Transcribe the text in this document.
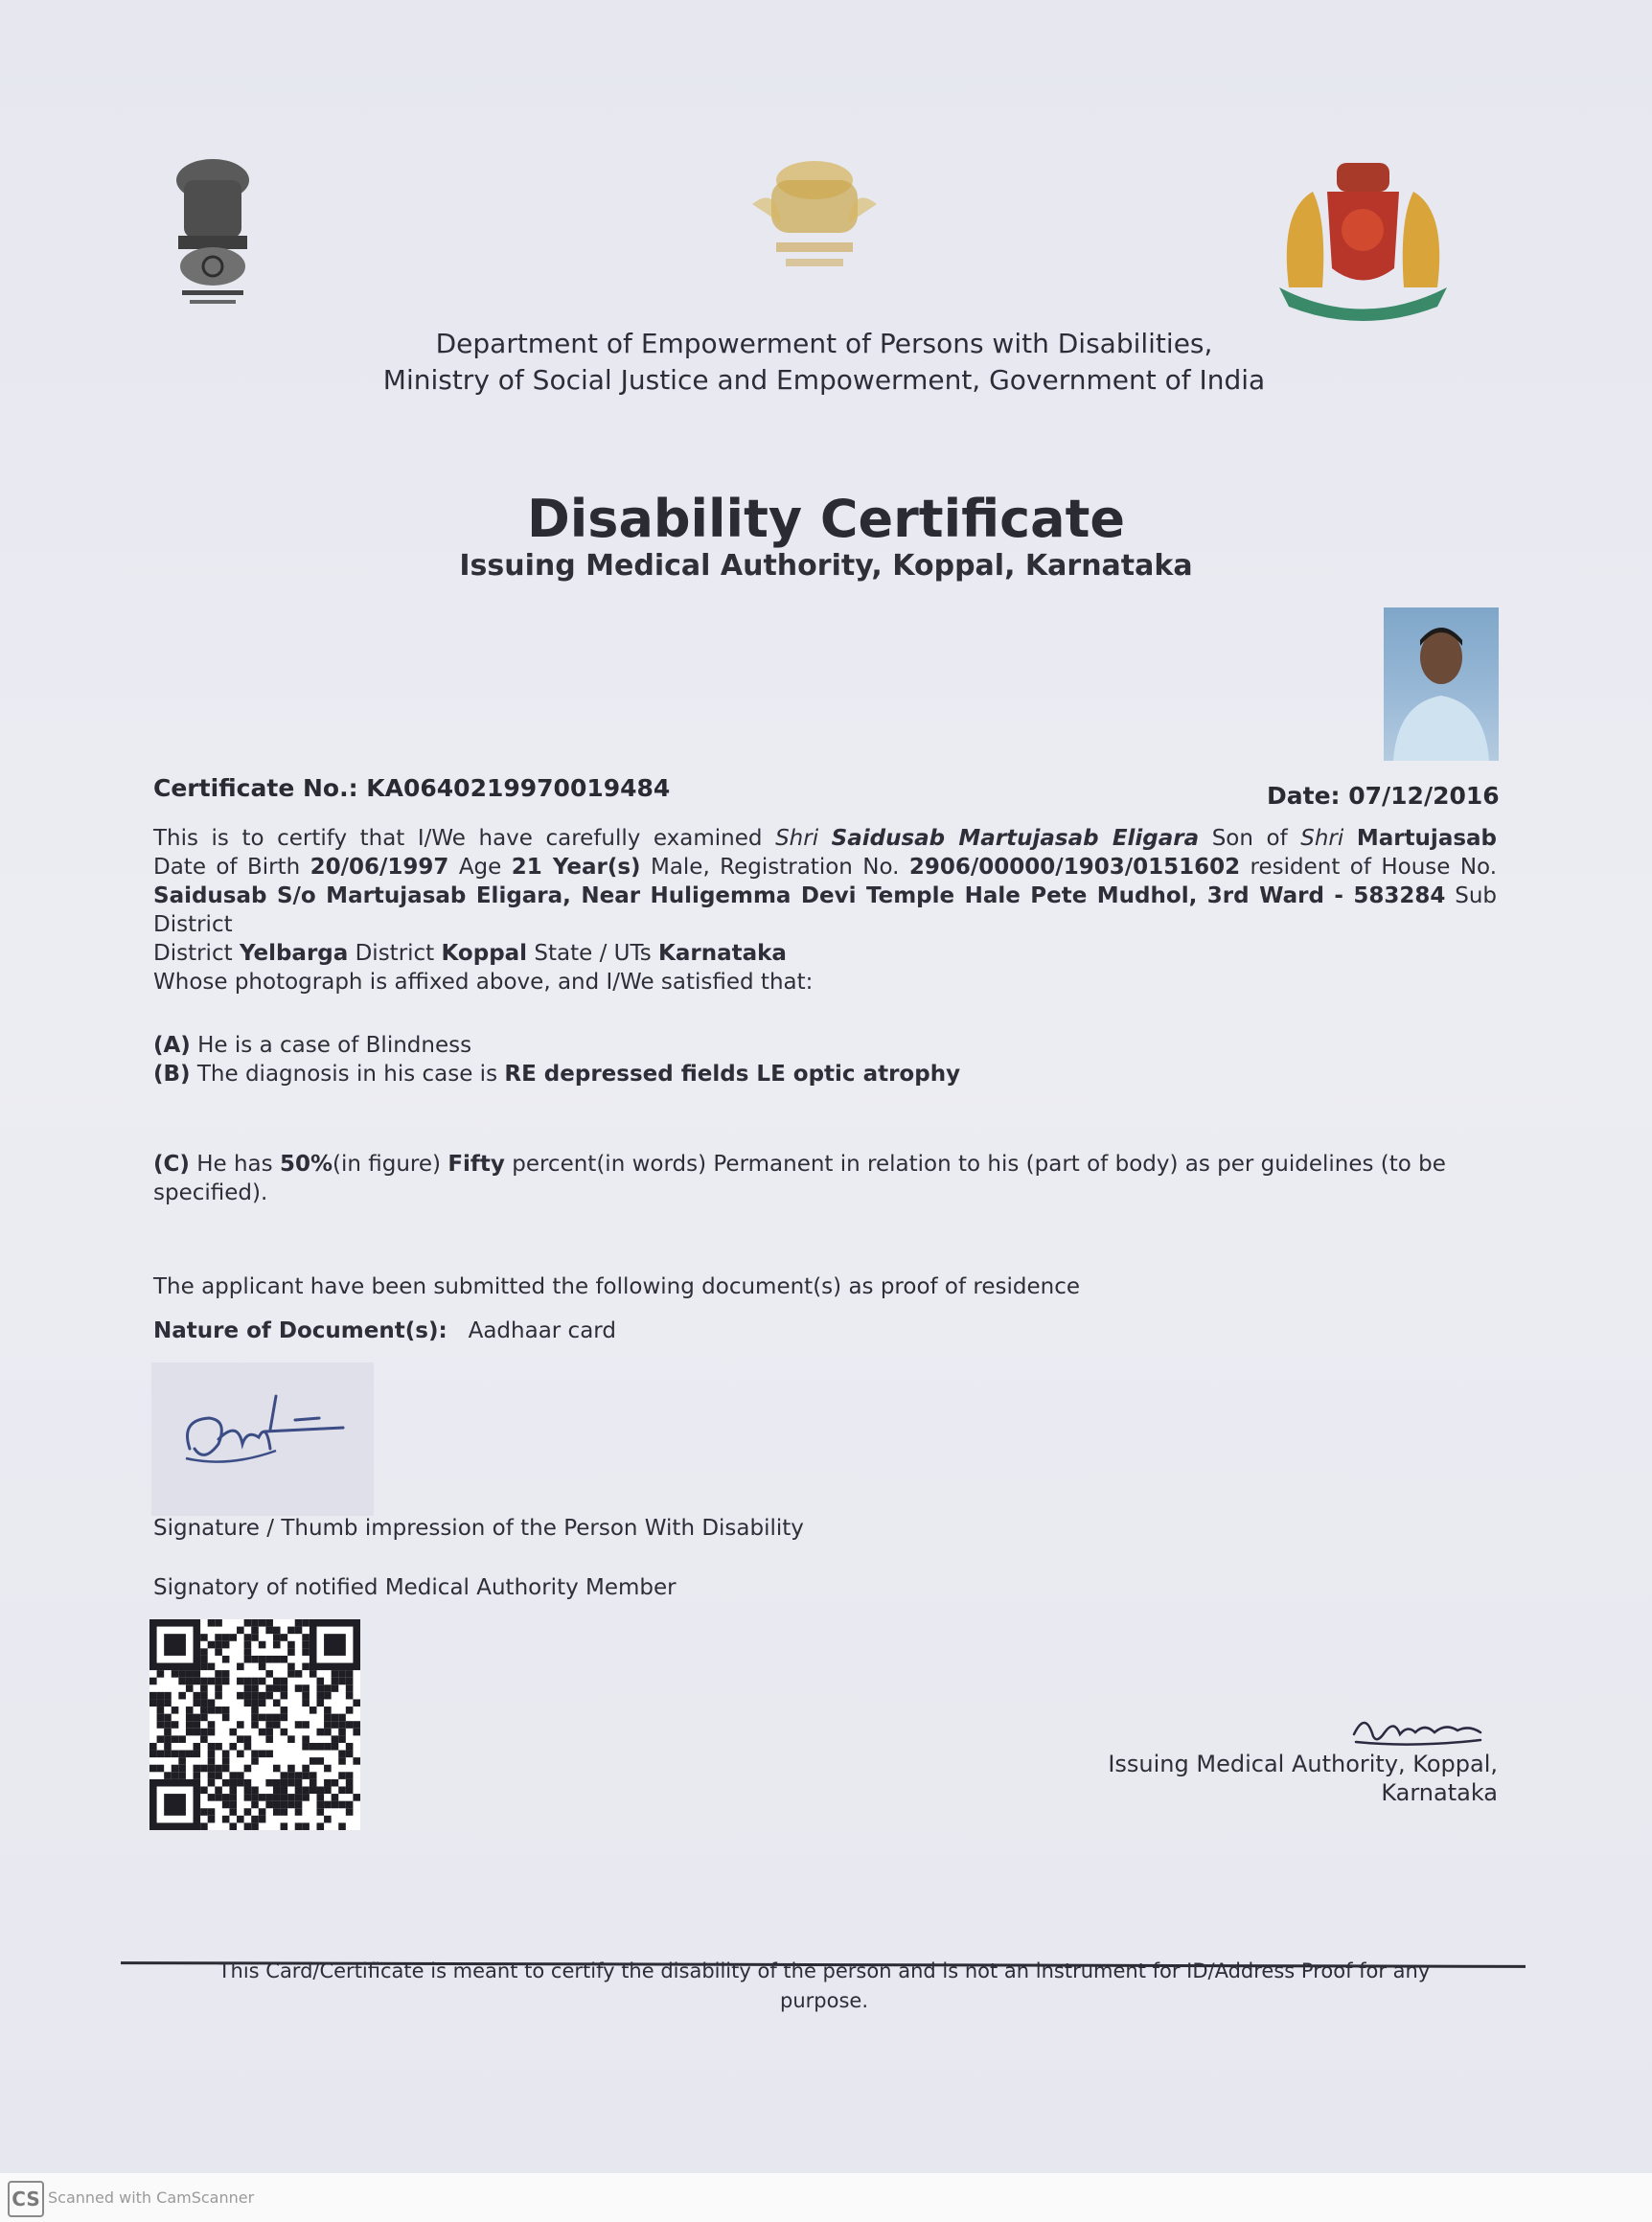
Department of Empowerment of Persons with Disabilities,
Ministry of Social Justice and Empowerment, Government of India
Disability Certificate
Issuing Medical Authority, Koppal, Karnataka
Certificate No.: KA0640219970019484	Date: 07/12/2016
This is to certify that I/We have carefully examined Shri Saidusab Martujasab Eligara Son of Shri Martujasab
Date of Birth 20/06/1997 Age 21 Year(s) Male, Registration No. 2906/00000/1903/0151602 resident of House No.
Saidusab S/o Martujasab Eligara, Near Huligemma Devi Temple Hale Pete Mudhol, 3rd Ward - 583284 Sub District
District Yelbarga District Koppal State / UTs Karnataka
Whose photograph is affixed above, and I/We satisfied that:
(A) He is a case of Blindness
(B) The diagnosis in his case is RE depressed fields LE optic atrophy
(C) He has 50%(in figure) Fifty percent(in words) Permanent in relation to his (part of body) as per guidelines (to be specified).
The applicant have been submitted the following document(s) as proof of residence
Nature of Document(s): Aadhaar card
Signature / Thumb impression of the Person With Disability
Signatory of notified Medical Authority Member
Issuing Medical Authority, Koppal, Karnataka
This Card/Certificate is meant to certify the disability of the person and is not an instrument for ID/Address Proof for any purpose.
CS Scanned with CamScanner
